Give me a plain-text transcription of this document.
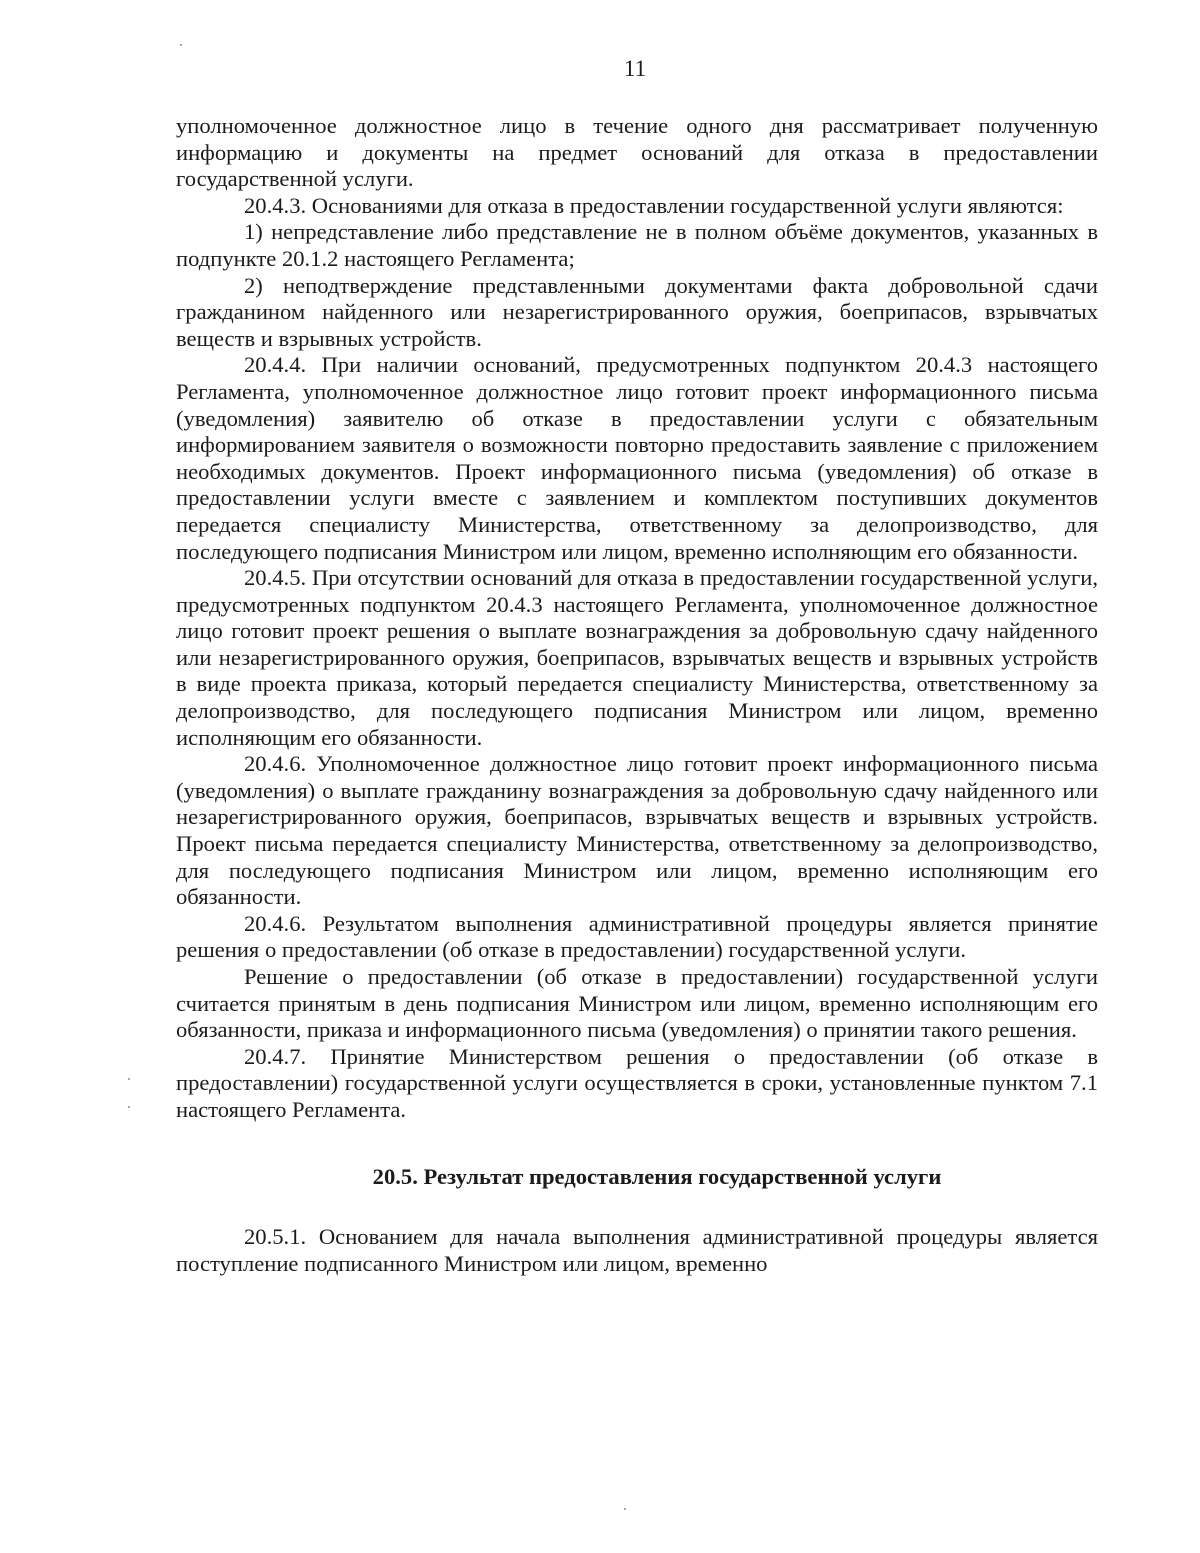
11

уполномоченное должностное лицо в течение одного дня рассматривает полученную информацию и документы на предмет оснований для отказа в предоставлении государственной услуги.

20.4.3. Основаниями для отказа в предоставлении государственной услуги являются:

1) непредставление либо представление не в полном объёме документов, указанных в подпункте 20.1.2 настоящего Регламента;

2) неподтверждение представленными документами факта добровольной сдачи гражданином найденного или незарегистрированного оружия, боеприпасов, взрывчатых веществ и взрывных устройств.

20.4.4. При наличии оснований, предусмотренных подпунктом 20.4.3 настоящего Регламента, уполномоченное должностное лицо готовит проект информационного письма (уведомления) заявителю об отказе в предоставлении услуги с обязательным информированием заявителя о возможности повторно предоставить заявление с приложением необходимых документов. Проект информационного письма (уведомления) об отказе в предоставлении услуги вместе с заявлением и комплектом поступивших документов передается специалисту Министерства, ответственному за делопроизводство, для последующего подписания Министром или лицом, временно исполняющим его обязанности.

20.4.5. При отсутствии оснований для отказа в предоставлении государственной услуги, предусмотренных подпунктом 20.4.3 настоящего Регламента, уполномоченное должностное лицо готовит проект решения о выплате вознаграждения за добровольную сдачу найденного или незарегистрированного оружия, боеприпасов, взрывчатых веществ и взрывных устройств в виде проекта приказа, который передается специалисту Министерства, ответственному за делопроизводство, для последующего подписания Министром или лицом, временно исполняющим его обязанности.

20.4.6. Уполномоченное должностное лицо готовит проект информационного письма (уведомления) о выплате гражданину вознаграждения за добровольную сдачу найденного или незарегистрированного оружия, боеприпасов, взрывчатых веществ и взрывных устройств. Проект письма передается специалисту Министерства, ответственному за делопроизводство, для последующего подписания Министром или лицом, временно исполняющим его обязанности.

20.4.6. Результатом выполнения административной процедуры является принятие решения о предоставлении (об отказе в предоставлении) государственной услуги.

Решение о предоставлении (об отказе в предоставлении) государственной услуги считается принятым в день подписания Министром или лицом, временно исполняющим его обязанности, приказа и информационного письма (уведомления) о принятии такого решения.

20.4.7. Принятие Министерством решения о предоставлении (об отказе в предоставлении) государственной услуги осуществляется в сроки, установленные пунктом 7.1 настоящего Регламента.

20.5. Результат предоставления государственной услуги

20.5.1. Основанием для начала выполнения административной процедуры является поступление подписанного Министром или лицом, временно
